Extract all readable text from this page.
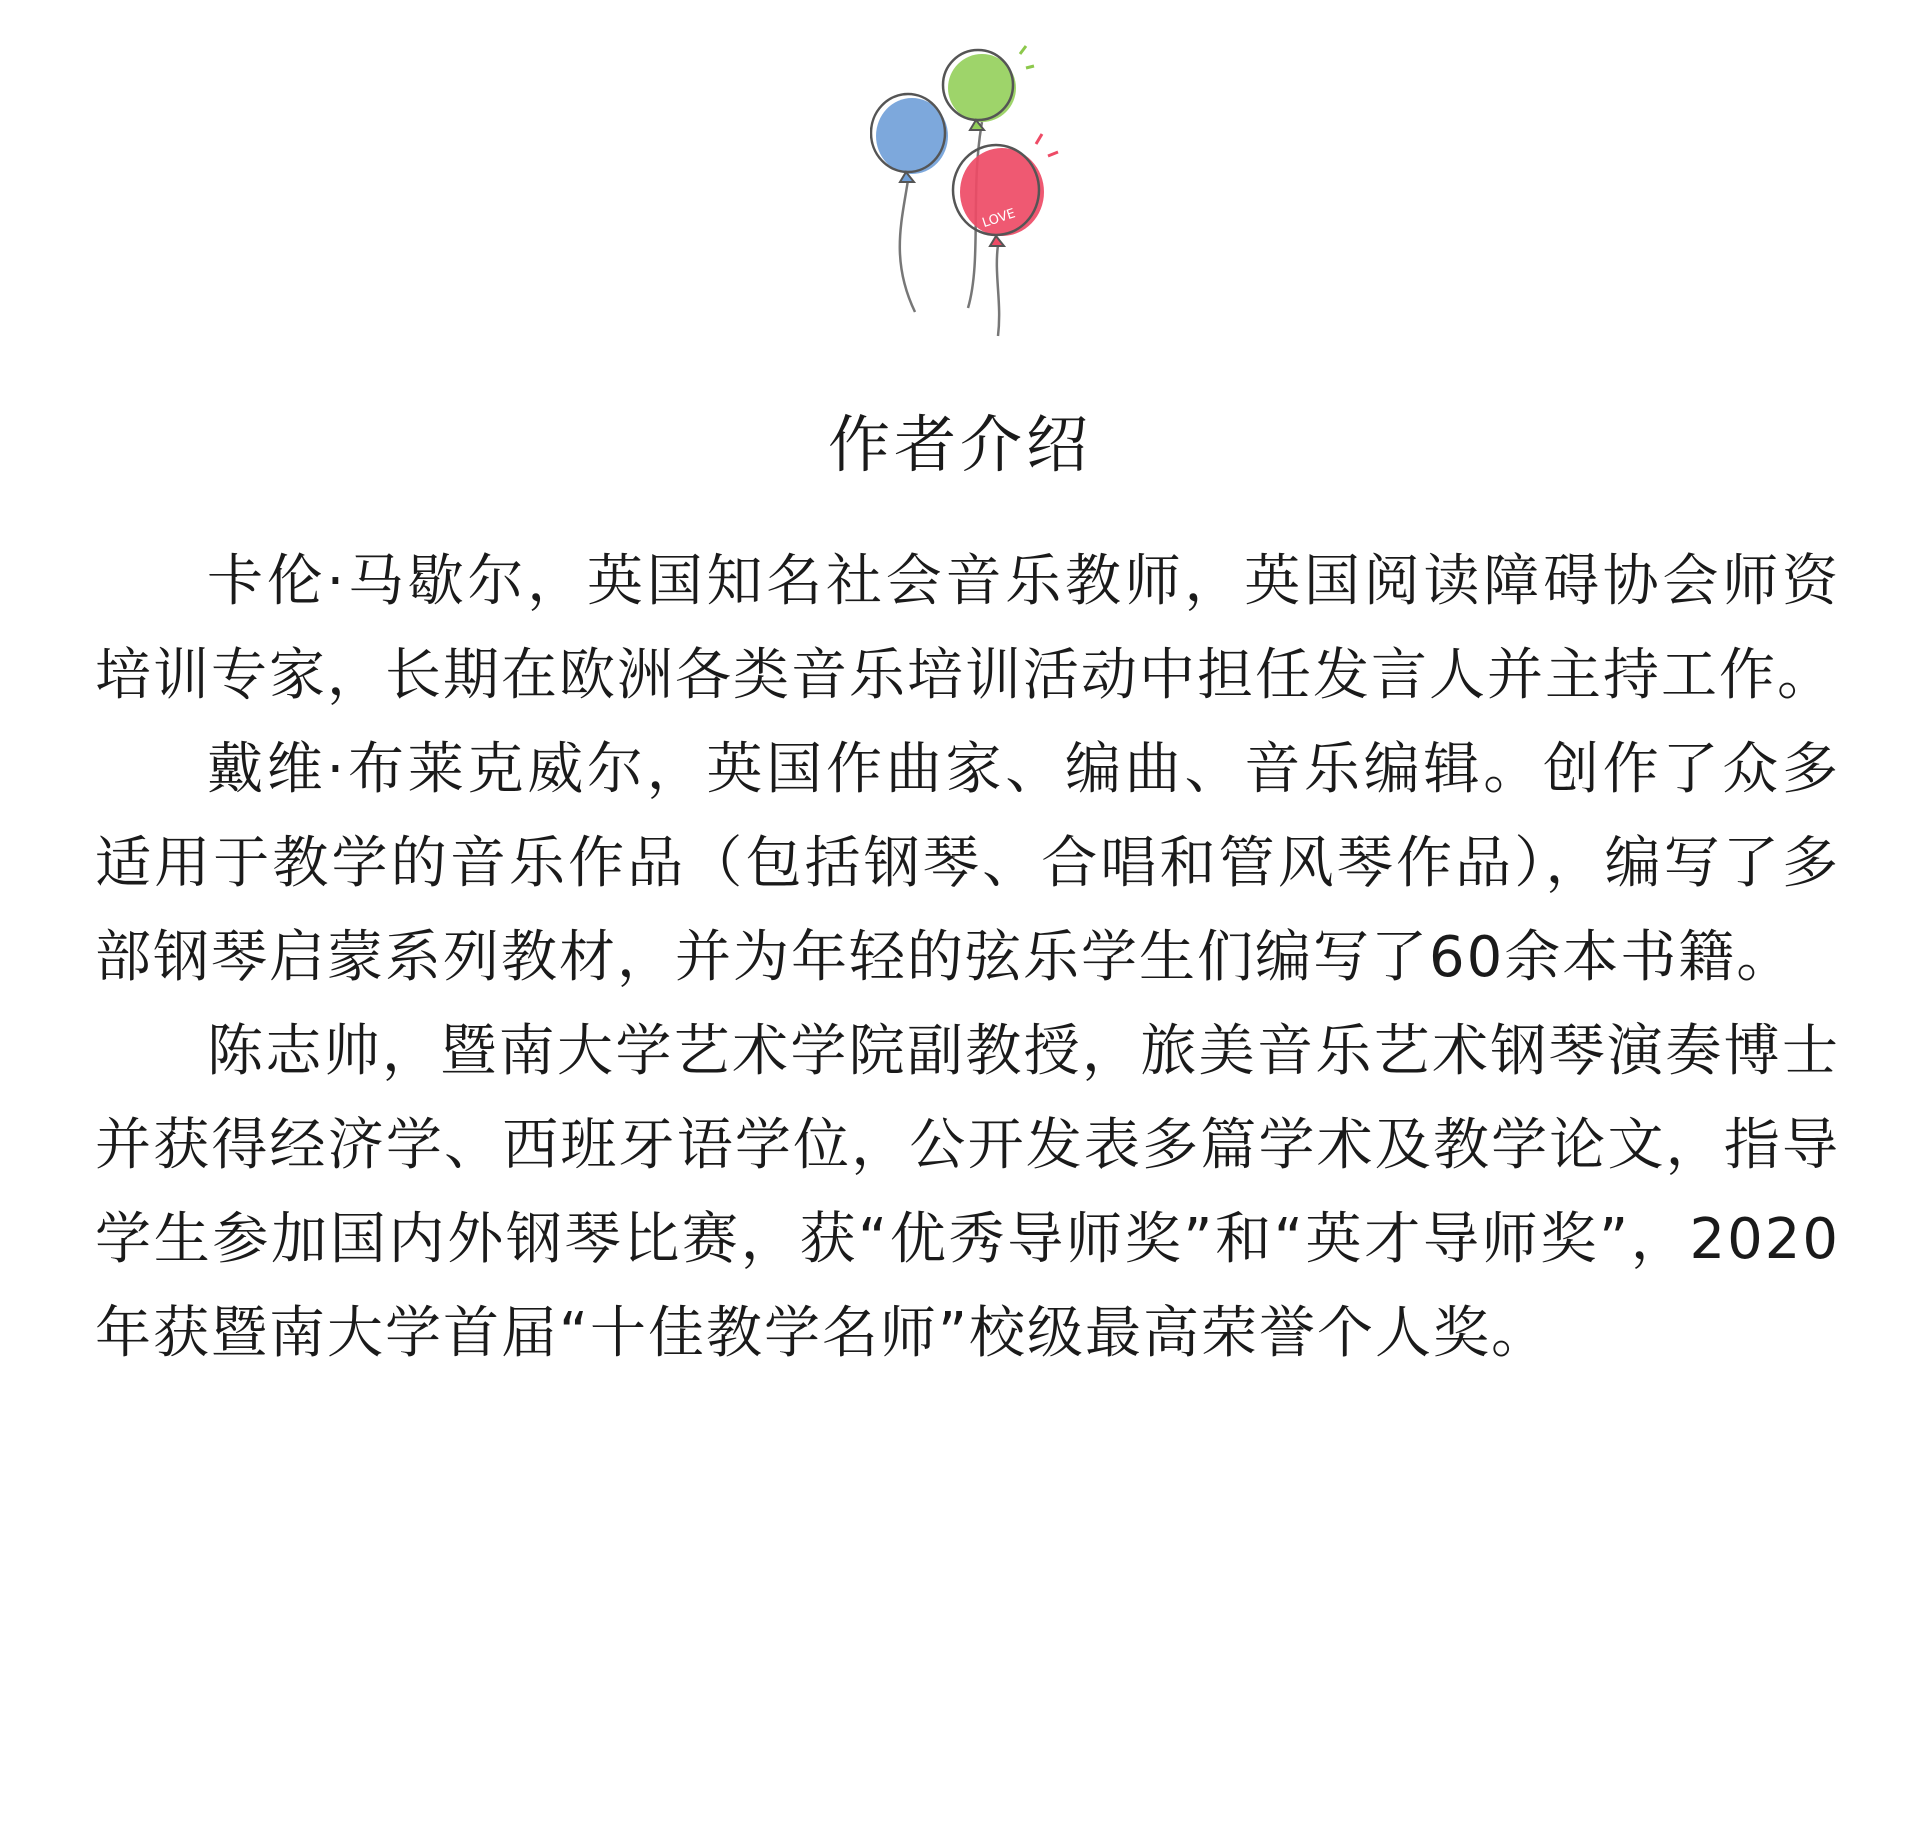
LOVE
作者介绍

卡伦·马歇尔，英国知名社会音乐教师，英国阅读障碍协会师资培训专家，长期在欧洲各类音乐培训活动中担任发言人并主持工作。

戴维·布莱克威尔，英国作曲家、编曲、音乐编辑。创作了众多适用于教学的音乐作品（包括钢琴、合唱和管风琴作品），编写了多部钢琴启蒙系列教材，并为年轻的弦乐学生们编写了60余本书籍。

陈志帅，暨南大学艺术学院副教授，旅美音乐艺术钢琴演奏博士并获得经济学、西班牙语学位，公开发表多篇学术及教学论文，指导学生参加国内外钢琴比赛，获“优秀导师奖”和“英才导师奖”，2020年获暨南大学首届“十佳教学名师”校级最高荣誉个人奖。
